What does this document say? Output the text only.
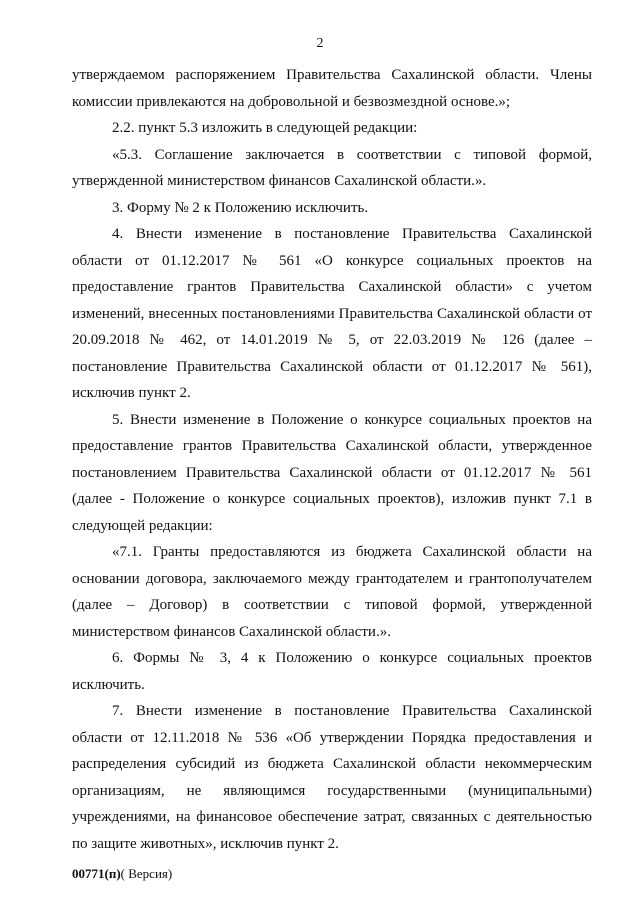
2

утверждаемом распоряжением Правительства Сахалинской области. Члены комиссии привлекаются на добровольной и безвозмездной основе.»;

2.2. пункт 5.3 изложить в следующей редакции:

«5.3. Соглашение заключается в соответствии с типовой формой, утвержденной министерством финансов Сахалинской области.».

3. Форму № 2 к Положению исключить.

4. Внести изменение в постановление Правительства Сахалинской области от 01.12.2017 № 561 «О конкурсе социальных проектов на предоставление грантов Правительства Сахалинской области» с учетом изменений, внесенных постановлениями Правительства Сахалинской области от 20.09.2018 № 462, от 14.01.2019 № 5, от 22.03.2019 № 126 (далее – постановление Правительства Сахалинской области от 01.12.2017 № 561), исключив пункт 2.

5. Внести изменение в Положение о конкурсе социальных проектов на предоставление грантов Правительства Сахалинской области, утвержденное постановлением Правительства Сахалинской области от 01.12.2017 № 561 (далее - Положение о конкурсе социальных проектов), изложив пункт 7.1 в следующей редакции:

«7.1. Гранты предоставляются из бюджета Сахалинской области на основании договора, заключаемого между грантодателем и грантополучателем (далее – Договор) в соответствии с типовой формой, утвержденной министерством финансов Сахалинской области.».

6. Формы № 3, 4 к Положению о конкурсе социальных проектов исключить.

7. Внести изменение в постановление Правительства Сахалинской области от 12.11.2018 № 536 «Об утверждении Порядка предоставления и распределения субсидий из бюджета Сахалинской области некоммерческим организациям, не являющимся государственными (муниципальными) учреждениями, на финансовое обеспечение затрат, связанных с деятельностью по защите животных», исключив пункт 2.

00771(п)( Версия)
